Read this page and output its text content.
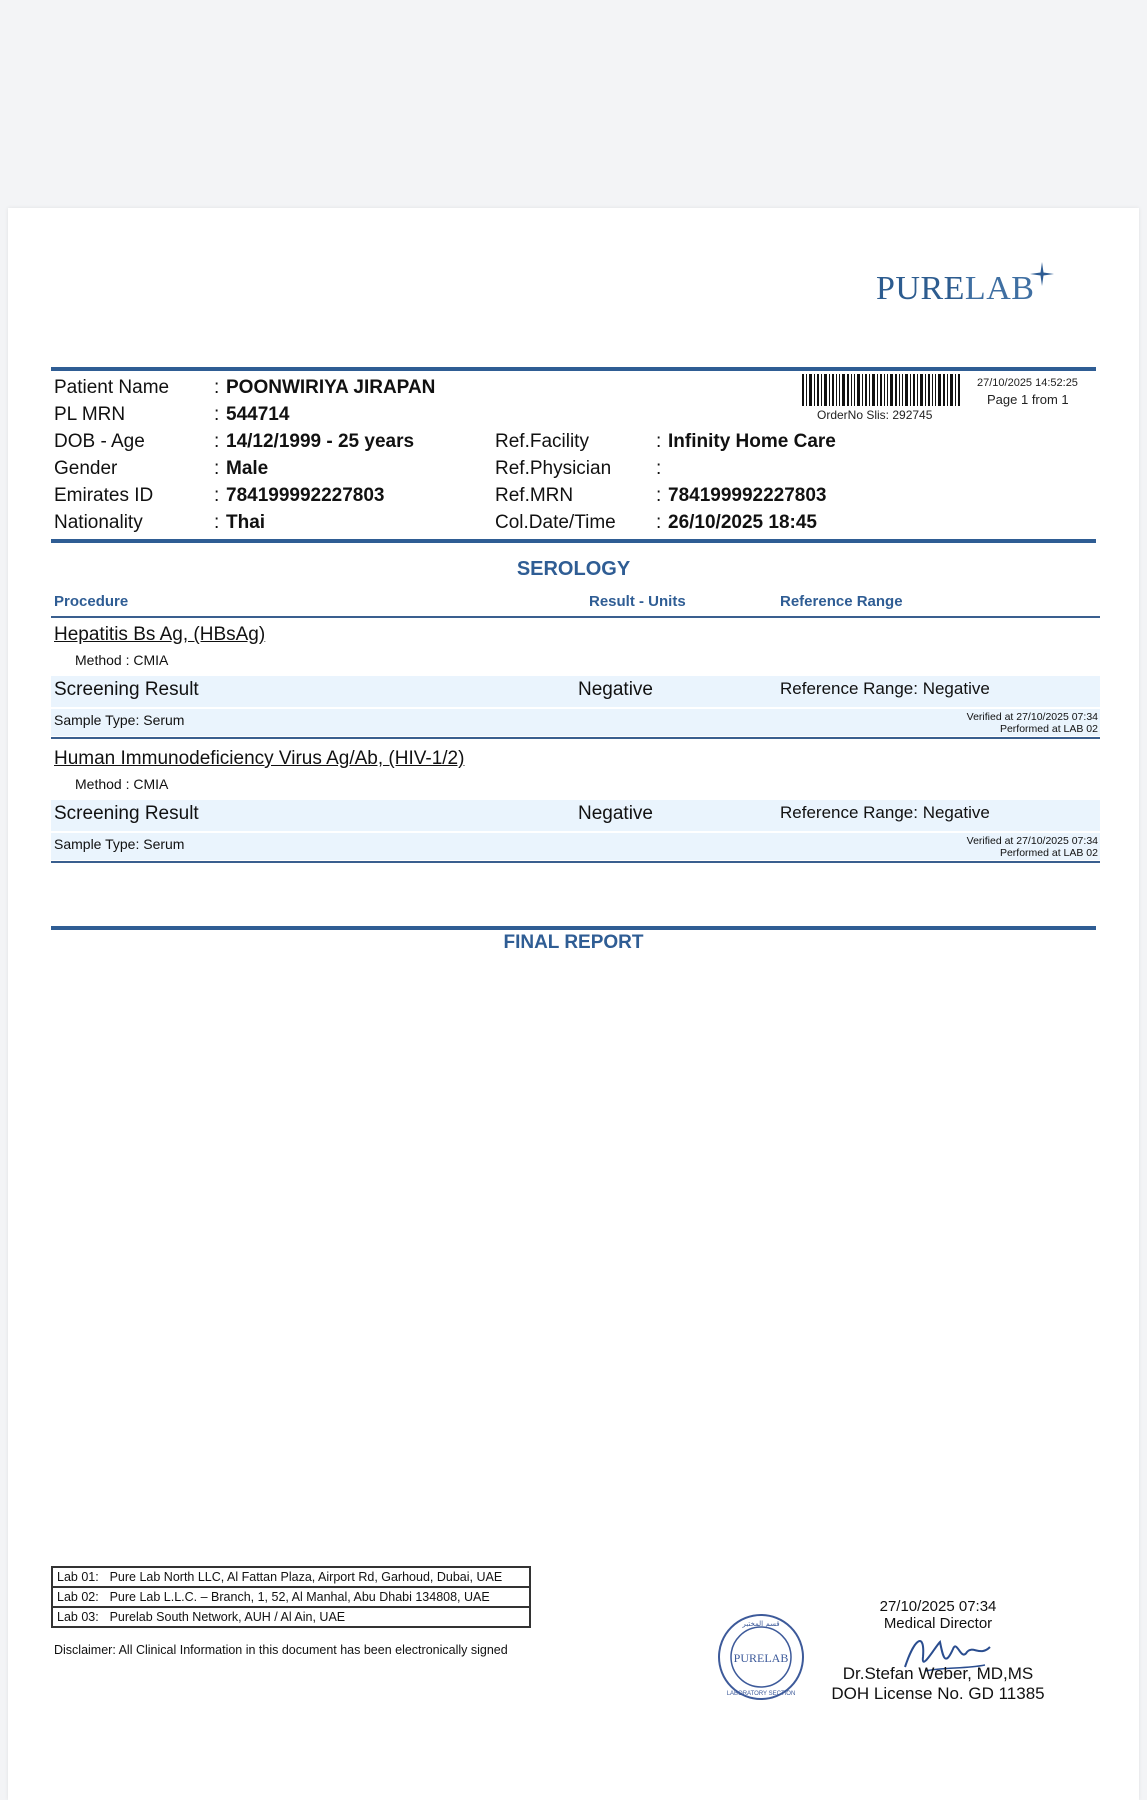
PURELAB
Patient Name : POONWIRIYA JIRAPAN
PL MRN	: 544714
DOB - Age	: 14/12/1999 - 25 years
Gender	: Male
Emirates ID	: 784199992227803
Nationality	: Thai
Ref.Facility	: Infinity Home Care
Ref.Physician :
Ref.MRN	: 784199992227803
Col.Date/Time : 26/10/2025 18:45
OrderNo Slis: 292745
27/10/2025 14:52:25
Page 1 from 1
SEROLOGY
Procedure	Result - Units	Reference Range
Hepatitis Bs Ag, (HBsAg)
Method : CMIA
Screening Result	Negative	Reference Range: Negative
Sample Type: Serum	Verified at 27/10/2025 07:34
Performed at LAB 02
Human Immunodeficiency Virus Ag/Ab, (HIV-1/2)
Method : CMIA
Screening Result	Negative	Reference Range: Negative
Sample Type: Serum	Verified at 27/10/2025 07:34
Performed at LAB 02
FINAL REPORT
Lab 01:	Pure Lab North LLC, Al Fattan Plaza, Airport Rd, Garhoud, Dubai, UAE
Lab 02:	Pure Lab L.L.C. – Branch, 1, 52, Al Manhal, Abu Dhabi 134808, UAE
Lab 03:	Purelab South Network, AUH / Al Ain, UAE
Disclaimer: All Clinical Information in this document has been electronically signed
PURELAB
قسم المختبر
LABORATORY SECTION
27/10/2025 07:34
Medical Director
Dr.Stefan Weber, MD,MS
DOH License No. GD 11385
